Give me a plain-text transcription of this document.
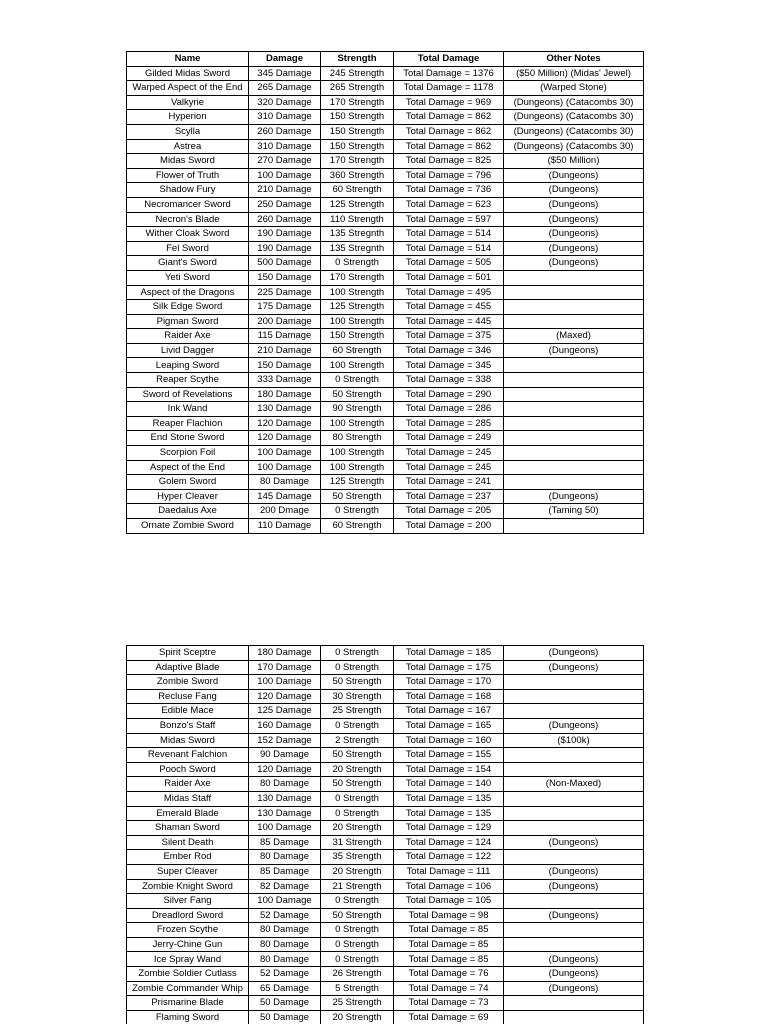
Name	Damage	Strength	Total Damage	Other Notes
Gilded Midas Sword	345 Damage	245 Strength	Total Damage = 1376	($50 Million) (Midas' Jewel)
Warped Aspect of the End	265 Damage	265 Strength	Total Damage = 1178	(Warped Stone)
Valkyrie	320 Damage	170 Strength	Total Damage = 969	(Dungeons) (Catacombs 30)
Hyperion	310 Damage	150 Strength	Total Damage = 862	(Dungeons) (Catacombs 30)
Scylla	260 Damage	150 Strength	Total Damage = 862	(Dungeons) (Catacombs 30)
Astrea	310 Damage	150 Strength	Total Damage = 862	(Dungeons) (Catacombs 30)
Midas Sword	270 Damage	170 Strength	Total Damage = 825	($50 Million)
Flower of Truth	100 Damage	360 Strength	Total Damage = 796	(Dungeons)
Shadow Fury	210 Damage	60 Strength	Total Damage = 736	(Dungeons)
Necromancer Sword	250 Damage	125 Strength	Total Damage = 623	(Dungeons)
Necron's Blade	260 Damage	110 Strength	Total Damage = 597	(Dungeons)
Wither Cloak Sword	190 Damage	135 Stregnth	Total Damage = 514	(Dungeons)
Fel Sword	190 Damage	135 Stregnth	Total Damage = 514	(Dungeons)
Giant's Sword	500 Damage	0 Strength	Total Damage = 505	(Dungeons)
Yeti Sword	150 Damage	170 Strength	Total Damage = 501	
Aspect of the Dragons	225 Damage	100 Strength	Total Damage = 495	
Silk Edge Sword	175 Damage	125 Strength	Total Damage = 455	
Pigman Sword	200 Damage	100 Strength	Total Damage = 445	
Raider Axe	115 Damage	150 Strength	Total Damage = 375	(Maxed)
Livid Dagger	210 Damage	60 Strength	Total Damage = 346	(Dungeons)
Leaping Sword	150 Damage	100 Strength	Total Damage = 345	
Reaper Scythe	333 Damage	0 Strength	Total Damage = 338	
Sword of Revelations	180 Damage	50 Strength	Total Damage = 290	
Ink Wand	130 Damage	90 Strength	Total Damage = 286	
Reaper Flachion	120 Damage	100 Strength	Total Damage = 285	
End Stone Sword	120 Damage	80 Strength	Total Damage = 249	
Scorpion Foil	100 Damage	100 Strength	Total Damage = 245	
Aspect of the End	100 Damage	100 Strength	Total Damage = 245	
Golem Sword	80 Damage	125 Strength	Total Damage = 241	
Hyper Cleaver	145 Damage	50 Strength	Total Damage = 237	(Dungeons)
Daedalus Axe	200 Dmage	0 Strength	Total Damage = 205	(Taming 50)
Ornate Zombie Sword	110 Damage	60 Strength	Total Damage = 200	
Spirit Sceptre	180 Damage	0 Strength	Total Damage = 185	(Dungeons)
Adaptive Blade	170 Damage	0 Strength	Total Damage = 175	(Dungeons)
Zombie Sword	100 Damage	50 Strength	Total Damage = 170	
Recluse Fang	120 Damage	30 Strength	Total Damage = 168	
Edible Mace	125 Damage	25 Strength	Total Damage = 167	
Bonzo's Staff	160 Damage	0 Strength	Total Damage = 165	(Dungeons)
Midas Sword	152 Damage	2 Strength	Total Damage = 160	($100k)
Revenant Falchion	90 Damage	50 Strength	Total Damage = 155	
Pooch Sword	120 Damage	20 Strength	Total Damage = 154	
Raider Axe	80 Damage	50 Strength	Total Damage = 140	(Non-Maxed)
Midas Staff	130 Damage	0 Strength	Total Damage = 135	
Emerald Blade	130 Damage	0 Strength	Total Damage = 135	
Shaman Sword	100 Damage	20 Strength	Total Damage = 129	
Silent Death	85 Damage	31 Strength	Total Damage = 124	(Dungeons)
Ember Rod	80 Damage	35 Strength	Total Damage = 122	
Super Cleaver	85 Damage	20 Strength	Total Damage = 111	(Dungeons)
Zombie Knight Sword	82 Damage	21 Strength	Total Damage = 106	(Dungeons)
Silver Fang	100 Damage	0 Strength	Total Damage = 105	
Dreadlord Sword	52 Damage	50 Strength	Total Damage = 98	(Dungeons)
Frozen Scythe	80 Damage	0 Strength	Total Damage = 85	
Jerry-Chine Gun	80 Damage	0 Strength	Total Damage = 85	
Ice Spray Wand	80 Damage	0 Strength	Total Damage = 85	(Dungeons)
Zombie Soldier Cutlass	52 Damage	26 Strength	Total Damage = 76	(Dungeons)
Zombie Commander Whip	65 Damage	5 Strength	Total Damage = 74	(Dungeons)
Prismarine Blade	50 Damage	25 Strength	Total Damage = 73	
Flaming Sword	50 Damage	20 Strength	Total Damage = 69	
